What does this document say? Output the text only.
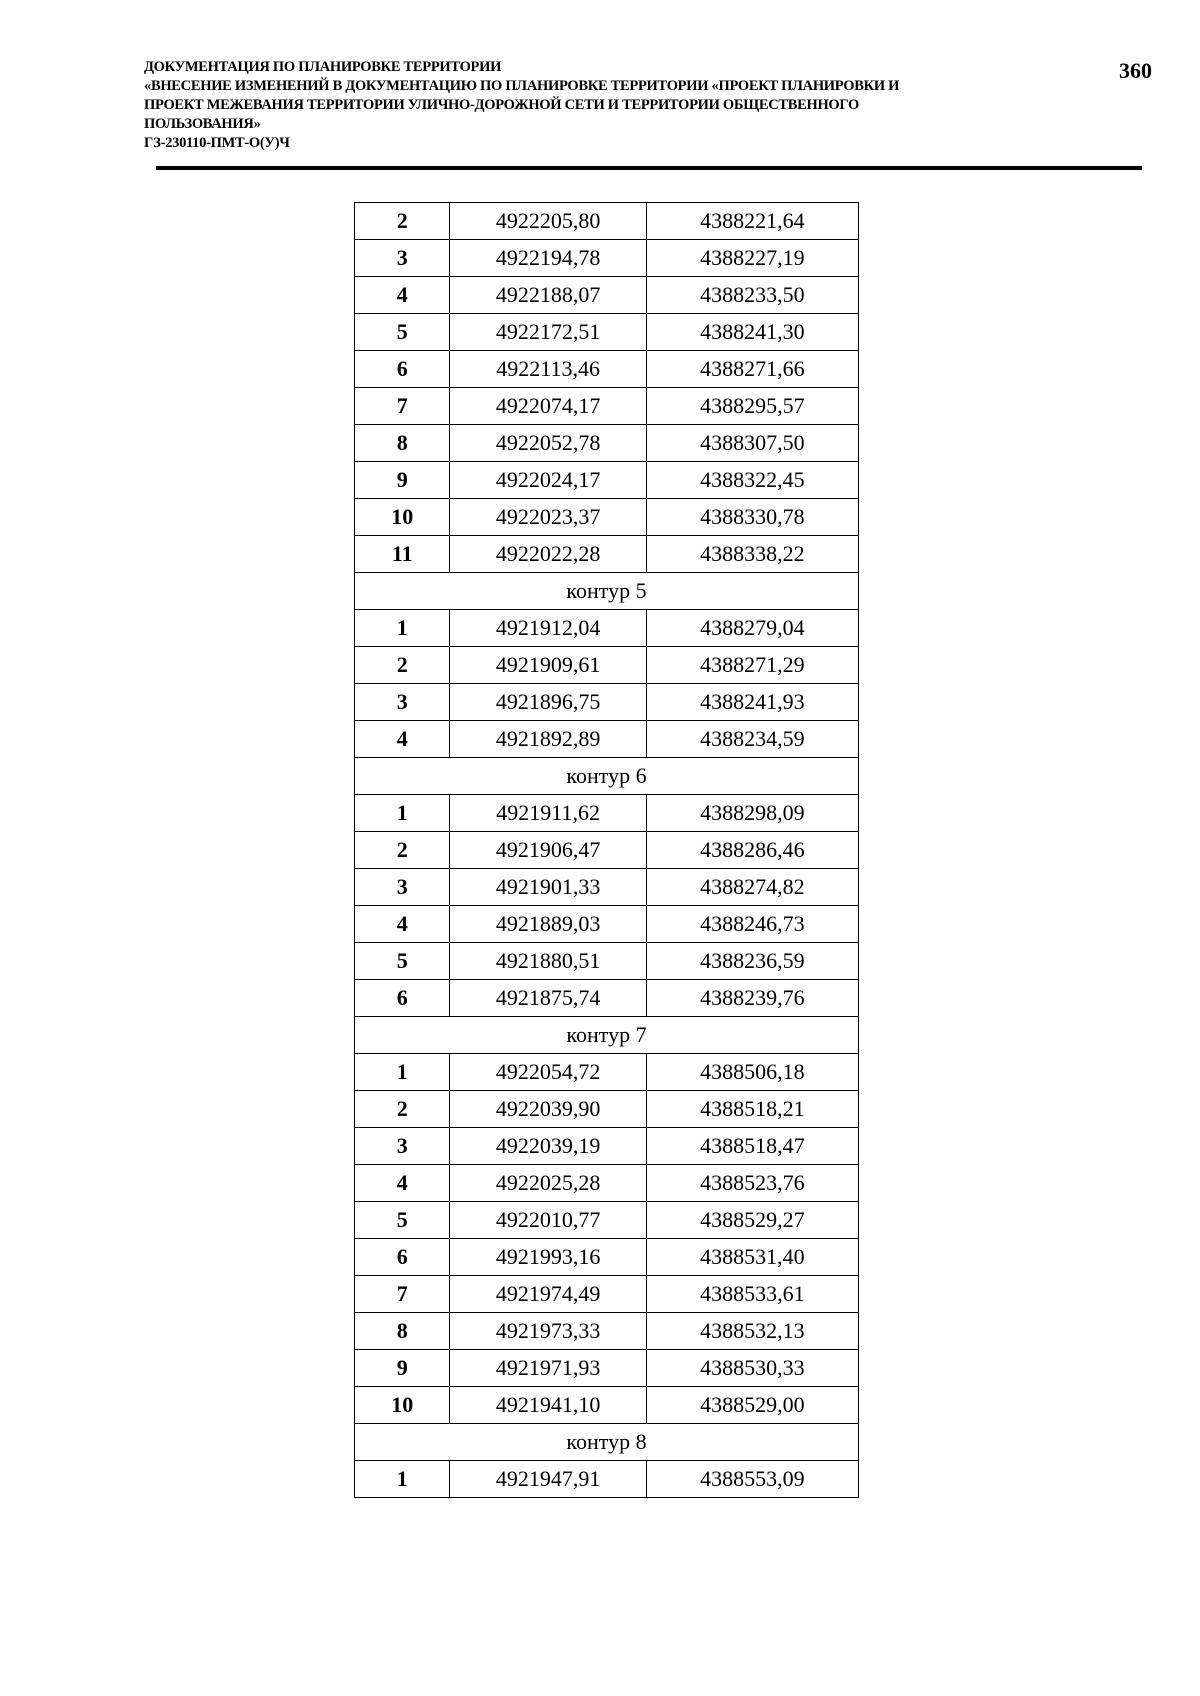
ДОКУМЕНТАЦИЯ ПО ПЛАНИРОВКЕ ТЕРРИТОРИИ
«ВНЕСЕНИЕ ИЗМЕНЕНИЙ В ДОКУМЕНТАЦИЮ ПО ПЛАНИРОВКЕ ТЕРРИТОРИИ «ПРОЕКТ ПЛАНИРОВКИ И
ПРОЕКТ МЕЖЕВАНИЯ ТЕРРИТОРИИ УЛИЧНО-ДОРОЖНОЙ СЕТИ И ТЕРРИТОРИИ ОБЩЕСТВЕННОГО
ПОЛЬЗОВАНИЯ»
ГЗ-230110-ПМТ-О(У)Ч
360
2	4922205,80	4388221,64
3	4922194,78	4388227,19
4	4922188,07	4388233,50
5	4922172,51	4388241,30
6	4922113,46	4388271,66
7	4922074,17	4388295,57
8	4922052,78	4388307,50
9	4922024,17	4388322,45
10	4922023,37	4388330,78
11	4922022,28	4388338,22
контур 5		
1	4921912,04	4388279,04
2	4921909,61	4388271,29
3	4921896,75	4388241,93
4	4921892,89	4388234,59
контур 6		
1	4921911,62	4388298,09
2	4921906,47	4388286,46
3	4921901,33	4388274,82
4	4921889,03	4388246,73
5	4921880,51	4388236,59
6	4921875,74	4388239,76
контур 7		
1	4922054,72	4388506,18
2	4922039,90	4388518,21
3	4922039,19	4388518,47
4	4922025,28	4388523,76
5	4922010,77	4388529,27
6	4921993,16	4388531,40
7	4921974,49	4388533,61
8	4921973,33	4388532,13
9	4921971,93	4388530,33
10	4921941,10	4388529,00
контур 8		
1	4921947,91	4388553,09
